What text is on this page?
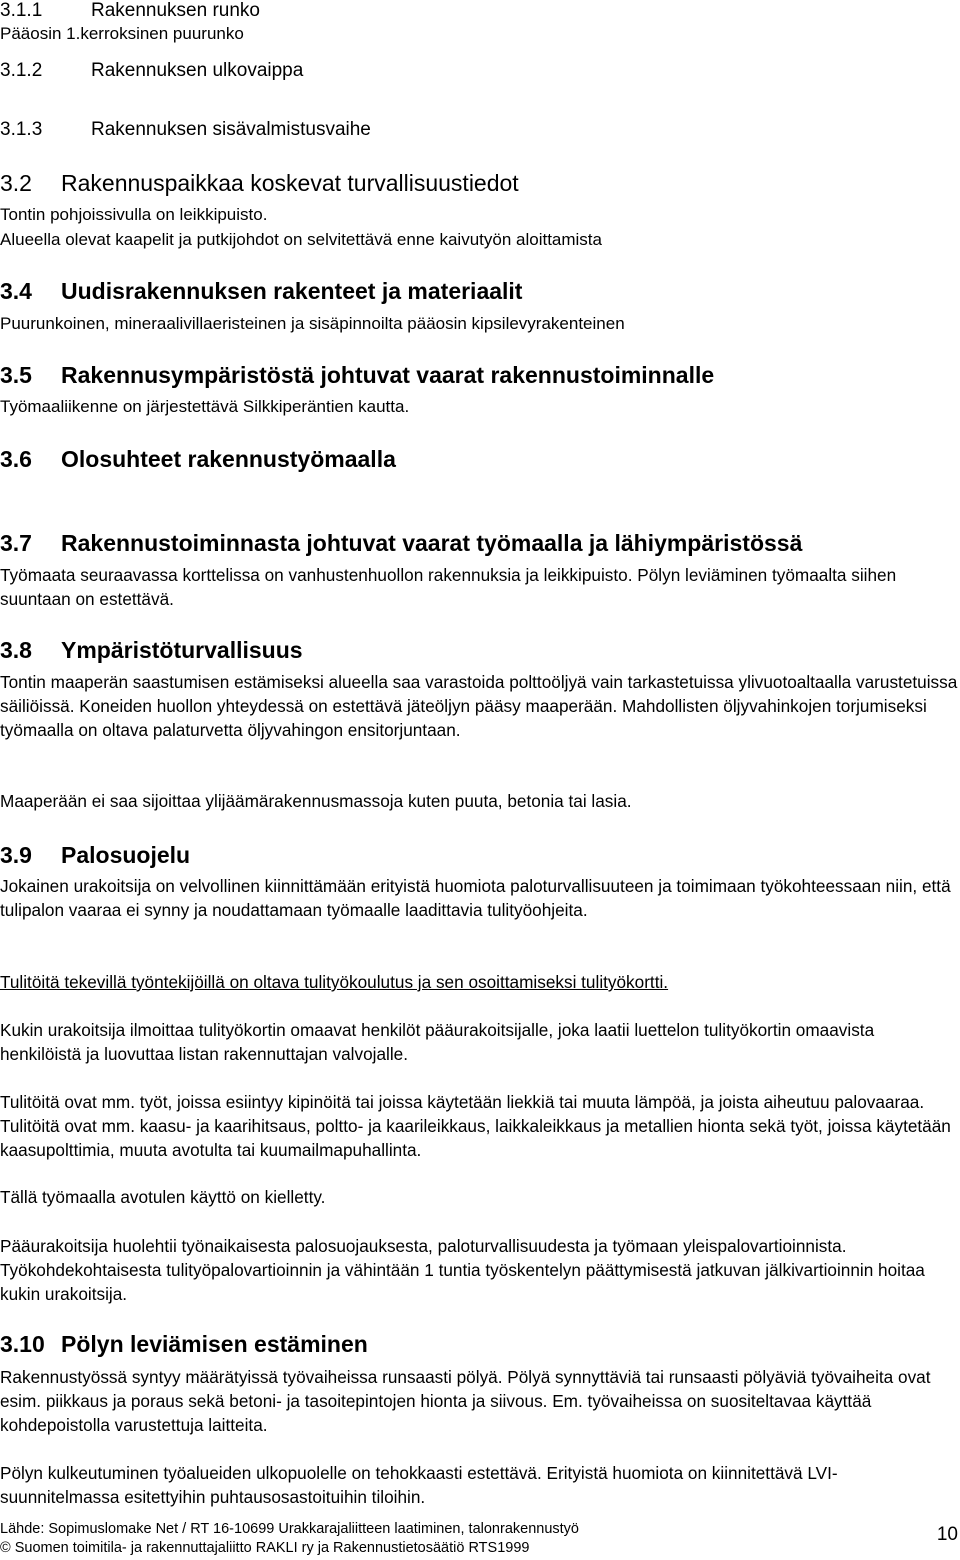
3.1.1	Rakennuksen runko
Pääosin 1.kerroksinen puurunko
3.1.2	Rakennuksen ulkovaippa
3.1.3	Rakennuksen sisävalmistusvaihe
3.2 Rakennuspaikkaa koskevat turvallisuustiedot
Tontin pohjoissivulla on leikkipuisto.
Alueella olevat kaapelit ja putkijohdot on selvitettävä enne kaivutyön aloittamista
3.4 Uudisrakennuksen rakenteet ja materiaalit
Puurunkoinen, mineraalivillaeristeinen ja sisäpinnoilta pääosin kipsilevyrakenteinen
3.5 Rakennusympäristöstä johtuvat vaarat rakennustoiminnalle
Työmaaliikenne on järjestettävä Silkkiperäntien kautta.
3.6 Olosuhteet rakennustyömaalla
3.7 Rakennustoiminnasta johtuvat vaarat työmaalla ja lähiympäristössä
Työmaata seuraavassa korttelissa on vanhustenhuollon rakennuksia ja leikkipuisto. Pölyn leviäminen työmaalta siihen suuntaan on estettävä.
3.8 Ympäristöturvallisuus
Tontin maaperän saastumisen estämiseksi alueella saa varastoida polttoöljyä vain tarkastetuissa ylivuotoaltaalla varustetuissa säiliöissä. Koneiden huollon yhteydessä on estettävä jäteöljyn pääsy maaperään. Mahdollisten öljyvahinkojen torjumiseksi työmaalla on oltava palaturvetta öljyvahingon ensitorjuntaan.
Maaperään ei saa sijoittaa ylijäämärakennusmassoja kuten puuta, betonia tai lasia.
3.9 Palosuojelu
Jokainen urakoitsija on velvollinen kiinnittämään erityistä huomiota paloturvallisuuteen ja toimimaan työkohteessaan niin, että tulipalon vaaraa ei synny ja noudattamaan työmaalle laadittavia tulityöohjeita.
Tulitöitä tekevillä työntekijöillä on oltava tulityökoulutus ja sen osoittamiseksi tulityökortti.
Kukin urakoitsija ilmoittaa tulityökortin omaavat henkilöt pääurakoitsijalle, joka laatii luettelon tulityökortin omaavista henkilöistä ja luovuttaa listan rakennuttajan valvojalle.
Tulitöitä ovat mm. työt, joissa esiintyy kipinöitä tai joissa käytetään liekkiä tai muuta lämpöä, ja joista aiheutuu palovaaraa. Tulitöitä ovat mm. kaasu- ja kaarihitsaus, poltto- ja kaarileikkaus, laikkaleikkaus ja metallien hionta sekä työt, joissa käytetään kaasupolttimia, muuta avotulta tai kuumailmapuhallinta.
Tällä työmaalla avotulen käyttö on kielletty.
Pääurakoitsija huolehtii työnaikaisesta palosuojauksesta, paloturvallisuudesta ja työmaan yleispalovartioinnista. Työkohdekohtaisesta tulityöpalovartioinnin ja vähintään 1 tuntia työskentelyn päättymisestä jatkuvan jälkivartioinnin hoitaa kukin urakoitsija.
3.10 Pölyn leviämisen estäminen
Rakennustyössä syntyy määrätyissä työvaiheissa runsaasti pölyä. Pölyä synnyttäviä tai runsaasti pölyäviä työvaiheita ovat esim. piikkaus ja poraus sekä betoni- ja tasoitepintojen hionta ja siivous. Em. työvaiheissa on suositeltavaa käyttää kohdepoistolla varustettuja laitteita.
Pölyn kulkeutuminen työalueiden ulkopuolelle on tehokkaasti estettävä. Erityistä huomiota on kiinnitettävä LVI- suunnitelmassa esitettyihin puhtausosastoituihin tiloihin.
Lähde: Sopimuslomake Net / RT 16-10699 Urakkarajaliitteen laatiminen, talonrakennustyö
© Suomen toimitila- ja rakennuttajaliitto RAKLI ry ja Rakennustietosäätiö RTS1999
10
